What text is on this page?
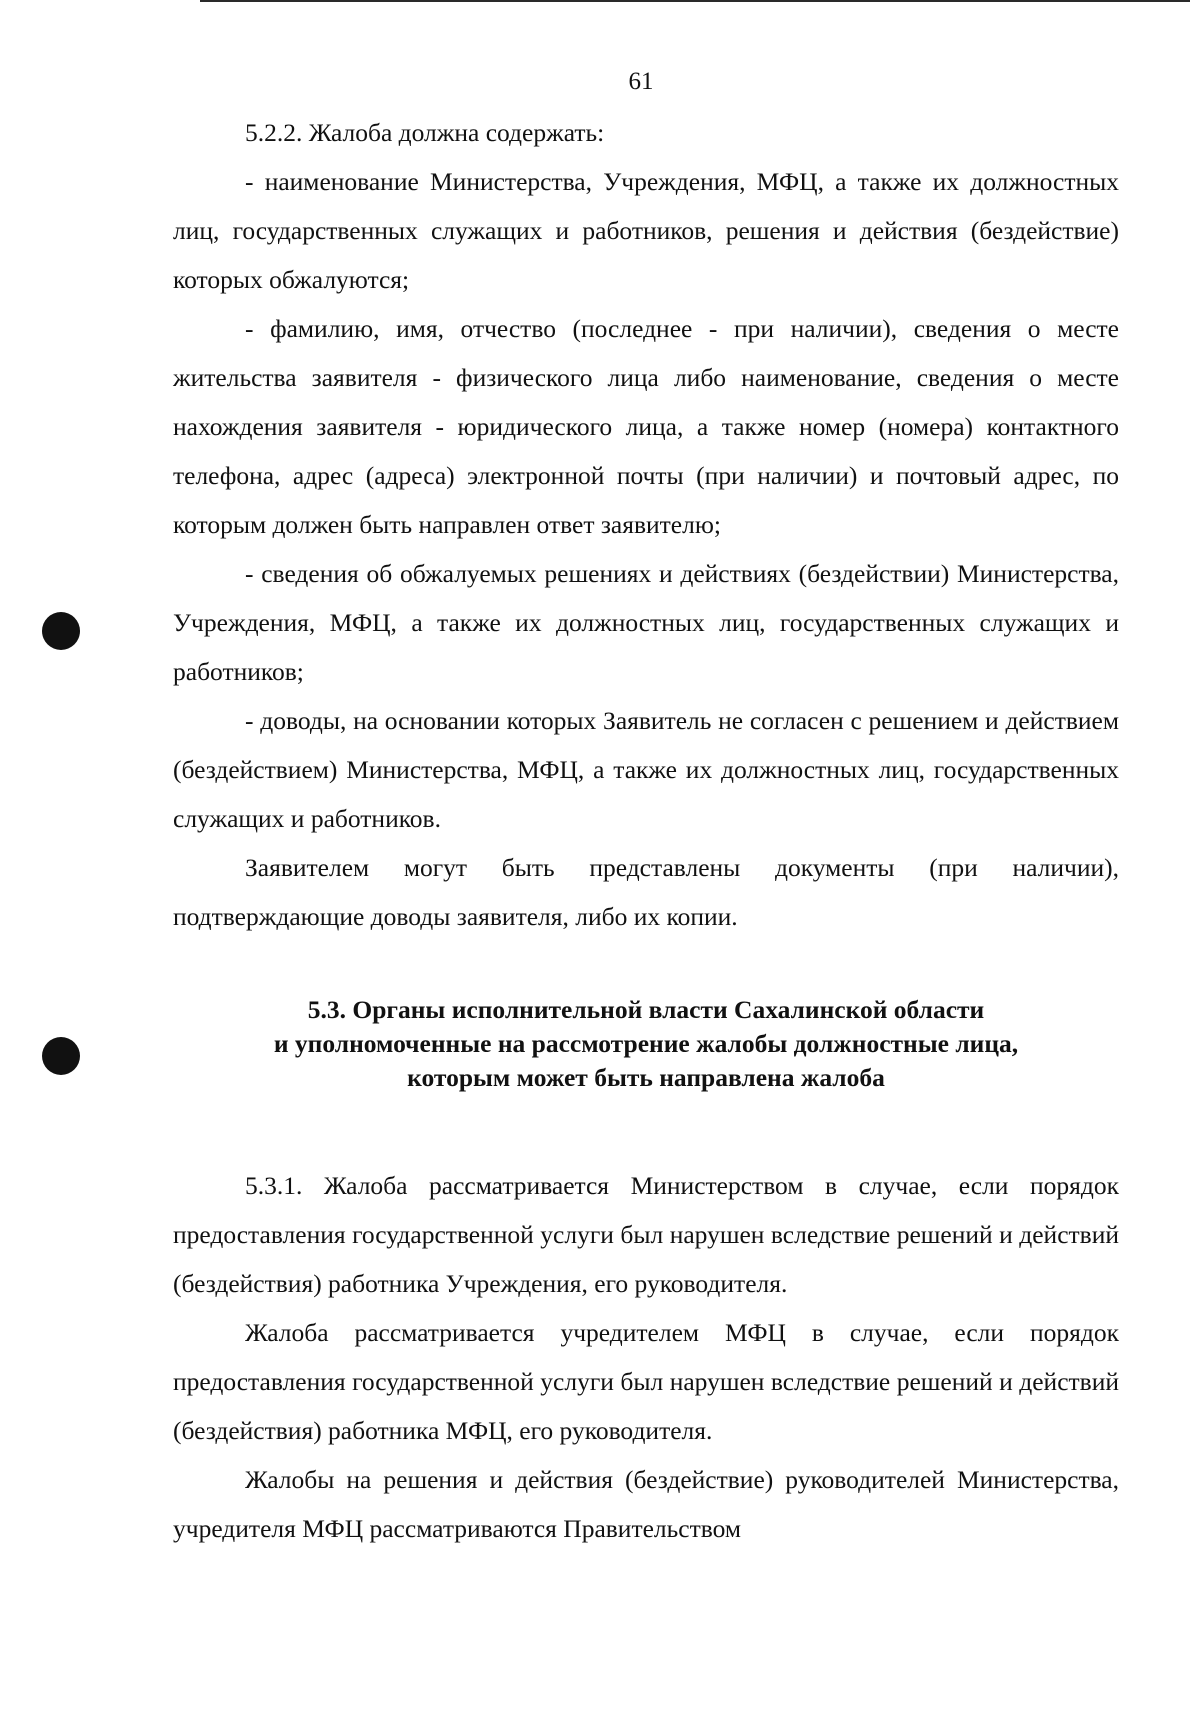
61

5.2.2. Жалоба должна содержать:

- наименование Министерства, Учреждения, МФЦ, а также их должностных лиц, государственных служащих и работников, решения и действия (бездействие) которых обжалуются;

- фамилию, имя, отчество (последнее - при наличии), сведения о месте жительства заявителя - физического лица либо наименование, сведения о месте нахождения заявителя - юридического лица, а также номер (номера) контактного телефона, адрес (адреса) электронной почты (при наличии) и почтовый адрес, по которым должен быть направлен ответ заявителю;

- сведения об обжалуемых решениях и действиях (бездействии) Министерства, Учреждения, МФЦ, а также их должностных лиц, государственных служащих и работников;

- доводы, на основании которых Заявитель не согласен с решением и действием (бездействием) Министерства, МФЦ, а также их должностных лиц, государственных служащих и работников.

Заявителем могут быть представлены документы (при наличии), подтверждающие доводы заявителя, либо их копии.

5.3. Органы исполнительной власти Сахалинской области
и уполномоченные на рассмотрение жалобы должностные лица,
которым может быть направлена жалоба

5.3.1. Жалоба рассматривается Министерством в случае, если порядок предоставления государственной услуги был нарушен вследствие решений и действий (бездействия) работника Учреждения, его руководителя.

Жалоба рассматривается учредителем МФЦ в случае, если порядок предоставления государственной услуги был нарушен вследствие решений и действий (бездействия) работника МФЦ, его руководителя.

Жалобы на решения и действия (бездействие) руководителей Министерства, учредителя МФЦ рассматриваются Правительством
